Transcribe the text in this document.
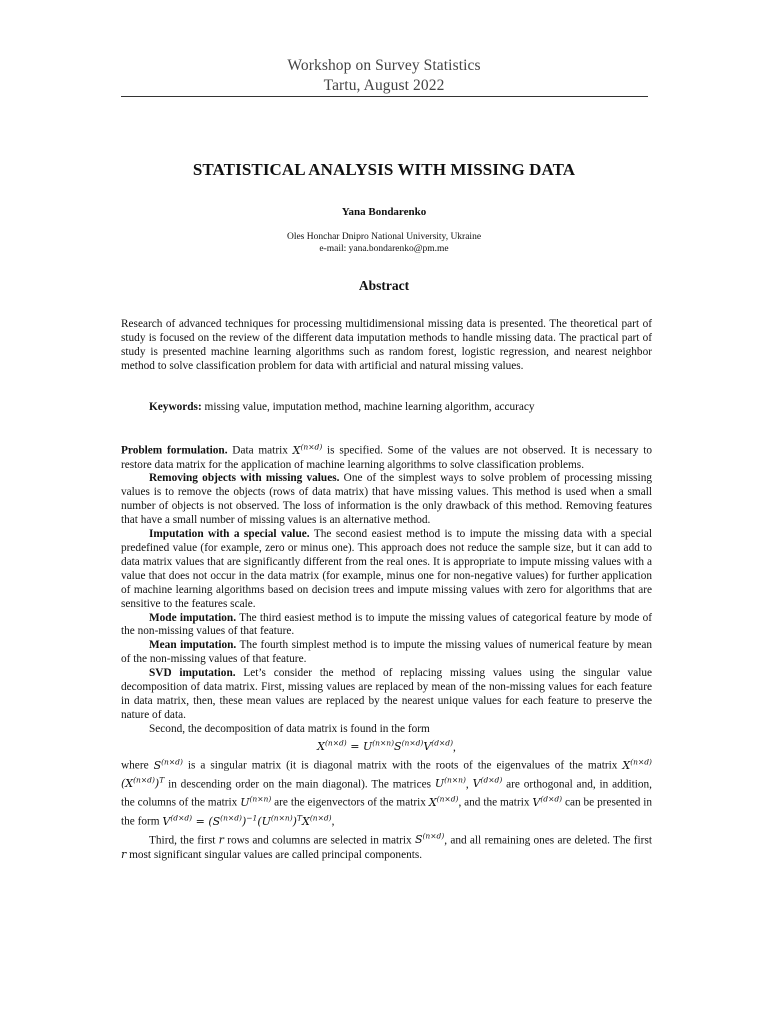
Workshop on Survey Statistics
Tartu, August 2022
STATISTICAL ANALYSIS WITH MISSING DATA
Yana Bondarenko
Oles Honchar Dnipro National University, Ukraine
e-mail: yana.bondarenko@pm.me
Abstract

Research of advanced techniques for processing multidimensional missing data is presented. The theoretical part of study is focused on the review of the different data imputation methods to handle missing data. The practical part of study is presented machine learning algorithms such as random forest, logistic regression, and nearest neighbor method to solve classification problem for data with artificial and natural missing values.

Keywords: missing value, imputation method, machine learning algorithm, accuracy

Problem formulation. Data matrix $X^{(n\times d)}$ is specified. Some of the values are not observed. It is necessary to restore data matrix for the application of machine learning algorithms to solve classification problems.

Removing objects with missing values. One of the simplest ways to solve problem of processing missing values is to remove the objects (rows of data matrix) that have missing values. This method is used when a small number of objects is not observed. The loss of information is the only drawback of this method. Removing features that have a small number of missing values is an alternative method.

Imputation with a special value. The second easiest method is to impute the missing data with a special predefined value (for example, zero or minus one). This approach does not reduce the sample size, but it can add to data matrix values that are significantly different from the real ones. It is appropriate to impute missing values with a value that does not occur in the data matrix (for example, minus one for non-negative values) for further application of machine learning algorithms based on decision trees and impute missing values with zero for algorithms that are sensitive to the features scale.

Mode imputation. The third easiest method is to impute the missing values of categorical feature by mode of the non-missing values of that feature.

Mean imputation. The fourth simplest method is to impute the missing values of numerical feature by mean of the non-missing values of that feature.

SVD imputation. Let’s consider the method of replacing missing values using the singular value decomposition of data matrix. First, missing values are replaced by mean of the non-missing values for each feature in data matrix, then, these mean values are replaced by the nearest unique values for each feature to preserve the nature of data.

Second, the decomposition of data matrix is found in the form

$X^{(n\times d)} = U^{(n\times n)}S^{(n\times d)}V^{(d\times d)}$,

where $S^{(n\times d)}$ is a singular matrix (it is diagonal matrix with the roots of the eigenvalues of the matrix $X^{(n\times d)}(X^{(n\times d)})^T$ in descending order on the main diagonal). The matrices $U^{(n\times n)}$, $V^{(d\times d)}$ are orthogonal and, in addition, the columns of the matrix $U^{(n\times n)}$ are the eigenvectors of the matrix $X^{(n\times d)}$, and the matrix $V^{(d\times d)}$ can be presented in the form $V^{(d\times d)} = (S^{(n\times d)})^{-1}(U^{(n\times n)})^TX^{(n\times d)}$,

Third, the first r rows and columns are selected in matrix $S^{(n\times d)}$, and all remaining ones are deleted. The first r most significant singular values are called principal components.
